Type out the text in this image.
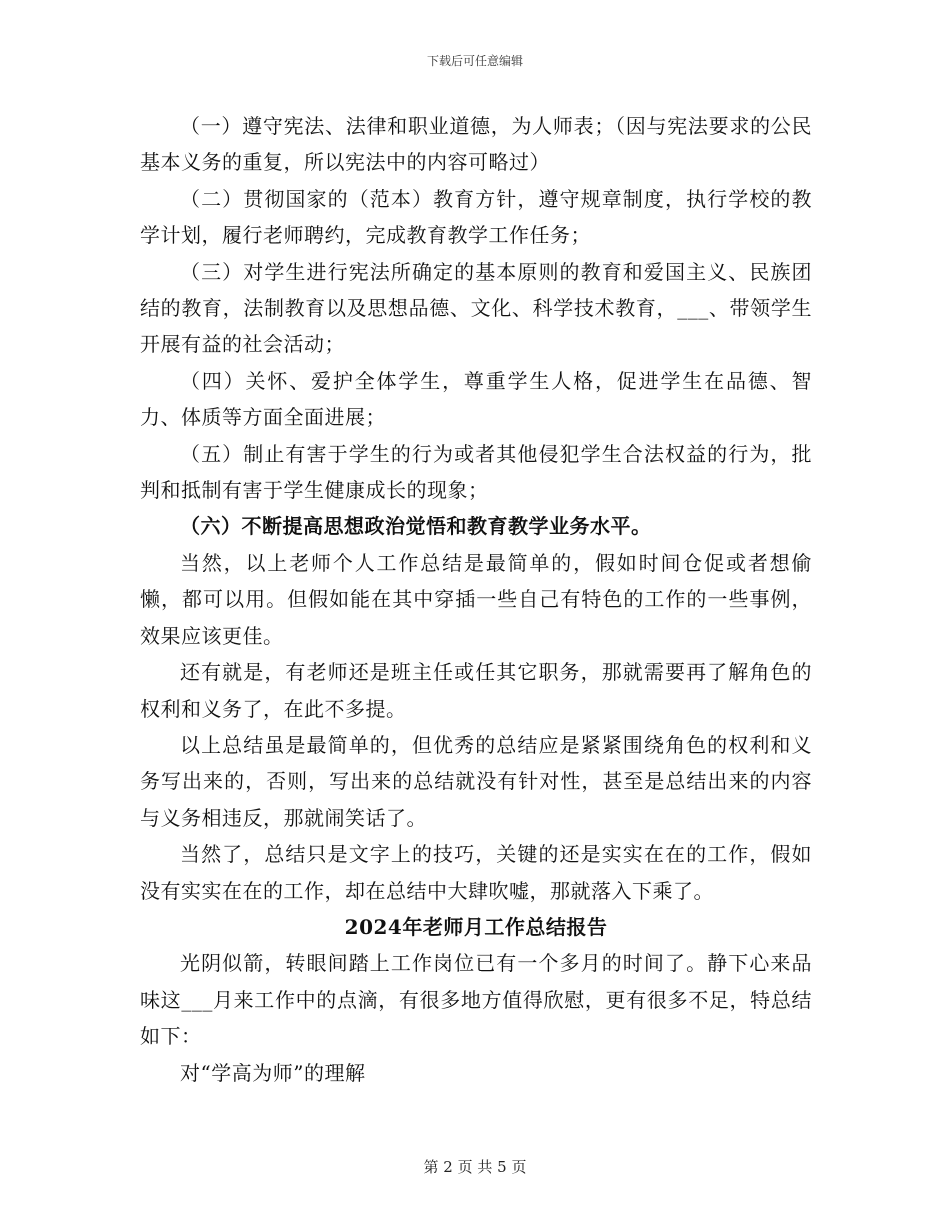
下载后可任意编辑

（一）遵守宪法、法律和职业道德，为人师表；（因与宪法要求的公民基本义务的重复，所以宪法中的内容可略过）

（二）贯彻国家的（范本）教育方针，遵守规章制度，执行学校的教学计划，履行老师聘约，完成教育教学工作任务；

（三）对学生进行宪法所确定的基本原则的教育和爱国主义、民族团结的教育，法制教育以及思想品德、文化、科学技术教育，___、带领学生开展有益的社会活动；

（四）关怀、爱护全体学生，尊重学生人格，促进学生在品德、智力、体质等方面全面进展；

（五）制止有害于学生的行为或者其他侵犯学生合法权益的行为，批判和抵制有害于学生健康成长的现象；

（六）不断提高思想政治觉悟和教育教学业务水平。

当然，以上老师个人工作总结是最简单的，假如时间仓促或者想偷懒，都可以用。但假如能在其中穿插一些自己有特色的工作的一些事例，效果应该更佳。

还有就是，有老师还是班主任或任其它职务，那就需要再了解角色的权利和义务了，在此不多提。

以上总结虽是最简单的，但优秀的总结应是紧紧围绕角色的权利和义务写出来的，否则，写出来的总结就没有针对性，甚至是总结出来的内容与义务相违反，那就闹笑话了。

当然了，总结只是文字上的技巧，关键的还是实实在在的工作，假如没有实实在在的工作，却在总结中大肆吹嘘，那就落入下乘了。

2024年老师月工作总结报告

光阴似箭，转眼间踏上工作岗位已有一个多月的时间了。静下心来品味这___月来工作中的点滴，有很多地方值得欣慰，更有很多不足，特总结如下：

对“学高为师”的理解

第 2 页 共 5 页
